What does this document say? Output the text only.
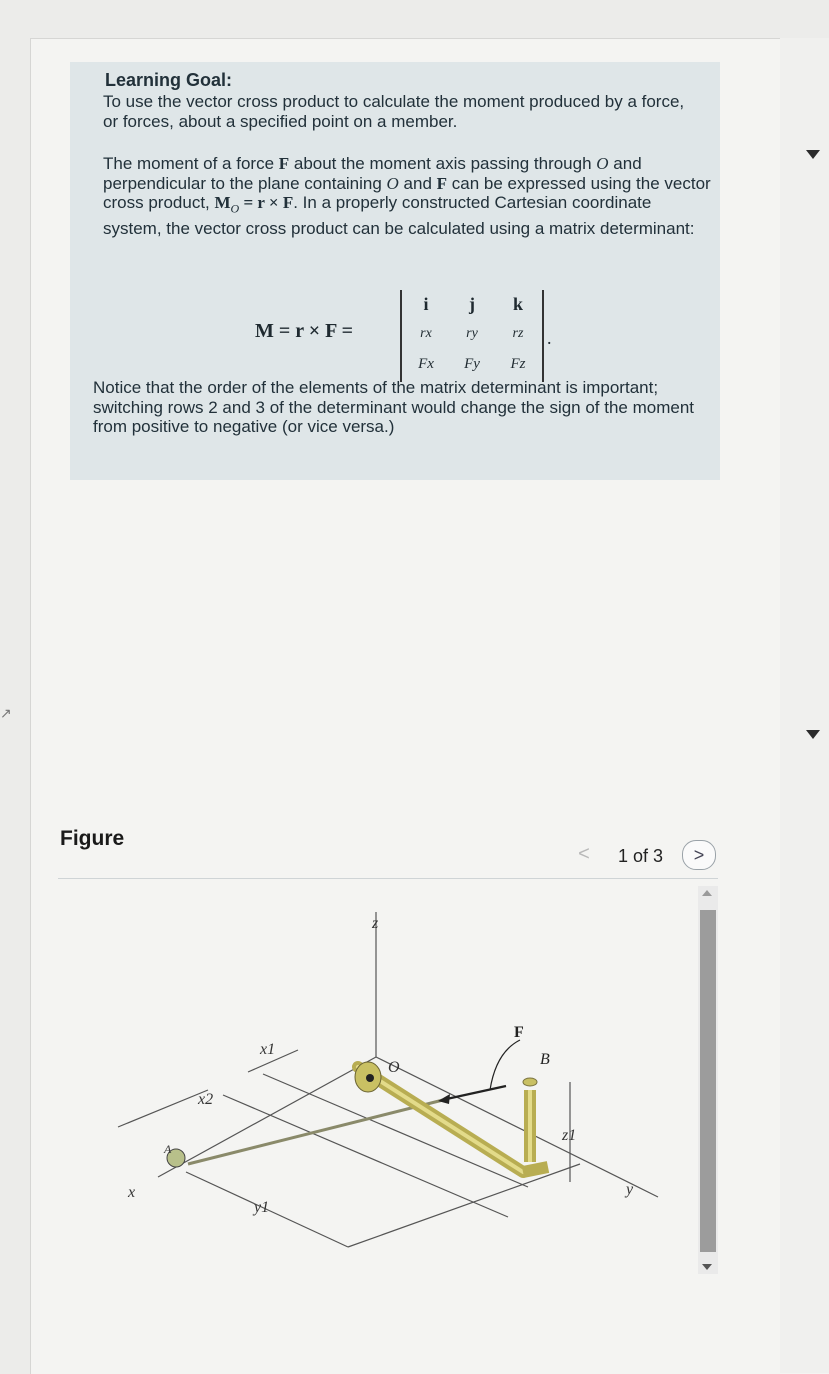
↗
Learning Goal:
To use the vector cross product to calculate the moment produced by a force, or forces, about a specified point on a member.
The moment of a force F about the moment axis passing through O and perpendicular to the plane containing O and F can be expressed using the vector cross product, $M_O = r \times F$. In a properly constructed Cartesian coordinate system, the vector cross product can be calculated using a matrix determinant:
M = r × F =
i	j	k
rx	ry	rz
Fx	Fy	Fz
.
Notice that the order of the elements of the matrix determinant is important; switching rows 2 and 3 of the determinant would change the sign of the moment from positive to negative (or vice versa.)
Figure
<	1 of 3	>
z
x	y
x1
x2
y1
z1
O
A
F
B
